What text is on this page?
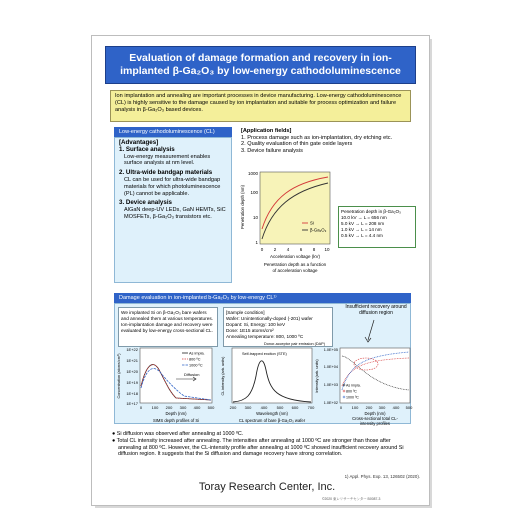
Evaluation of damage formation and recovery in ion-
implanted β-Ga₂O₃ by low-energy cathodoluminescence
Ion implantation and annealing are important processes in device manufacturing. Low-energy cathodoluminescence (CL) is highly sensitive to the damage caused by ion implantation and suitable for process optimization and failure analysis in β-Ga₂O₃ based devices.
Low-energy cathodoluminescence (CL)
[Advantages]
1. Surface analysis
Low-energy measurement enables surface analysis at nm level.
2. Ultra-wide bandgap materials
CL can be used for ultra-wide bandgap materials for which photoluminescence (PL) cannot be applicable.
3. Device analysis
AlGaN deep-UV LEDs, GaN HEMTs, SiC MOSFETs, β-Ga₂O₃ transistors etc.
[Application fields]
1. Process damage such as ion-implantation, dry etching etc.
2. Quality evaluation of thin gate oxide layers
3. Device failure analysis
Penetration depth (nm)
1000
100
10
1
Si
β-Ga₂O₃
0 2 4 6 8 10
Acceleration voltage (kV)
Penetration depth as a function
of acceleration voltage
Penetration depth in β-Ga₂O₃
10.0 kV → L = 656 nm
5.0 kV → L = 208 nm
1.0 kV → L = 14 nm
0.5 kV → L = 4.4 nm
Damage evaluation in ion-implanted b-Ga₂O₃ by low-energy CL¹⁾
We implanted Si on β-Ga₂O₃ bare wafers and annealed them at various temperatures. Ion-implantation damage and recovery were evaluated by low-energy cross-sectional CL.
[Sample condition]
Wafer: Unintentionally-doped (-201) wafer
Dopant: Si, Energy: 100 keV
Dose: 1E15 atoms/cm²
Annealing temperature: 800, 1000 ºC
Insufficient recovery around diffusion region
Concentration (atoms/cm³)
1E+22
1E+21
1E+20
1E+19
1E+18
1E+17
As impla.
800 ºC
1000 ºC
Diffusion
0 100 200 300 400 500
Depth (nm)
SIMS depth profiles of Si
CL intensity (arb. units)
Donor-acceptor pair emission (DAP)
Self-trapped exciton (STE)
200 300 400 500 600 700
Wavelength (nm)
CL spectrum of bare β-Ga₂O₃ wafer
Intensity (arb. units)
1.0E+05
1.0E+04
1.0E+03
1.0E+02
As impla.
800 ºC
1000 ºC
0 100 200 300 400 500
Depth (nm)
Cross-sectional total CL-
intensity profiles
● Si diffusion was observed after annealing at 1000 ºC.
● Total CL intensity increased after annealing. The intensities after annealing at 1000 ºC are stronger than those after annealing at 800 ºC. However, the CL-intensity profile after annealing at 1000 ºC showed insufficient recovery around Si diffusion region. It suggests that the Si diffusion and damage recovery have strong correlation.
1) Appl. Phys. Exp. 13, 126502 (2020).
Toray Research Center, Inc.
©2020 東レリサーチセンター B0087-3
